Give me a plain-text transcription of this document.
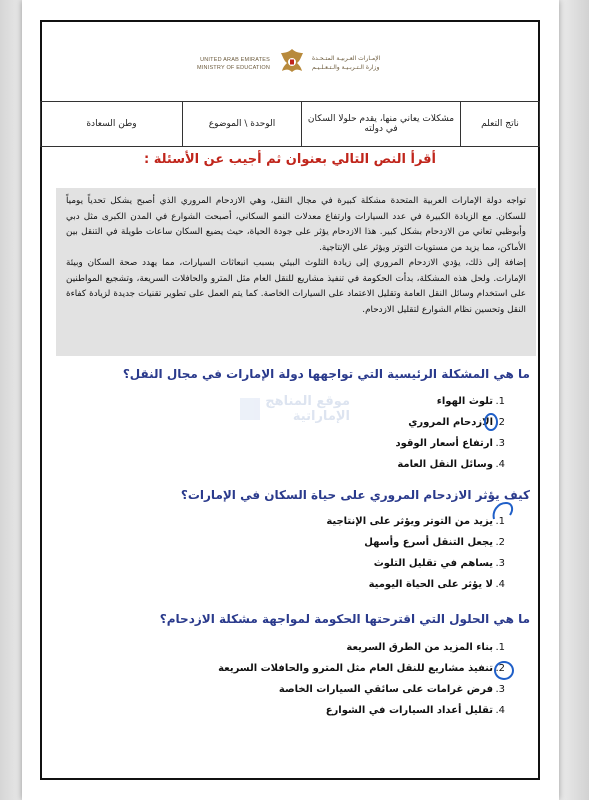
UNITED ARAB EMIRATES
MINISTRY OF EDUCATION
الإمـارات العـربيـة المتـحـدة
وزارة الـتـربـيـة والـتـعـلـيـم
ناتج التعلم	مشكلات يعاني منها، يقدم حلولا السكان في دولته	الوحدة \ الموضوع	وطن السعادة
أقرأ النص التالي بعنوان ثم أجيب عن الأسئلة :

تواجه دولة الإمارات العربية المتحدة مشكلة كبيرة في مجال النقل، وهي الازدحام المروري الذي أصبح يشكل تحدياً يومياً للسكان. مع الزيادة الكبيرة في عدد السيارات وارتفاع معدلات النمو السكاني، أصبحت الشوارع في المدن الكبرى مثل دبي وأبوظبي تعاني من الازدحام بشكل كبير. هذا الازدحام يؤثر على جودة الحياة، حيث يضيع السكان ساعات طويلة في التنقل بين الأماكن، مما يزيد من مستويات التوتر ويؤثر على الإنتاجية.

إضافة إلى ذلك، يؤدي الازدحام المروري إلى زيادة التلوث البيئي بسبب انبعاثات السيارات، مما يهدد صحة السكان وبيئة الإمارات. ولحل هذه المشكلة، بدأت الحكومة في تنفيذ مشاريع للنقل العام مثل المترو والحافلات السريعة، وتشجيع المواطنين على استخدام وسائل النقل العامة وتقليل الاعتماد على السيارات الخاصة. كما يتم العمل على تطوير تقنيات جديدة لزيادة كفاءة النقل وتحسين نظام الشوارع لتقليل الازدحام.

موقع المناهج الإماراتية
ما هي المشكلة الرئيسية التي تواجهها دولة الإمارات في مجال النقل؟
تلوث الهواء
الازدحام المروري
ارتفاع أسعار الوقود
وسائل النقل العامة
كيف يؤثر الازدحام المروري على حياة السكان في الإمارات؟
يزيد من التوتر ويؤثر على الإنتاجية
يجعل التنقل أسرع وأسهل
يساهم في تقليل التلوث
لا يؤثر على الحياة اليومية
ما هي الحلول التي اقترحتها الحكومة لمواجهة مشكلة الازدحام؟
بناء المزيد من الطرق السريعة
تنفيذ مشاريع للنقل العام مثل المترو والحافلات السريعة
فرض غرامات على سائقي السيارات الخاصة
تقليل أعداد السيارات في الشوارع
